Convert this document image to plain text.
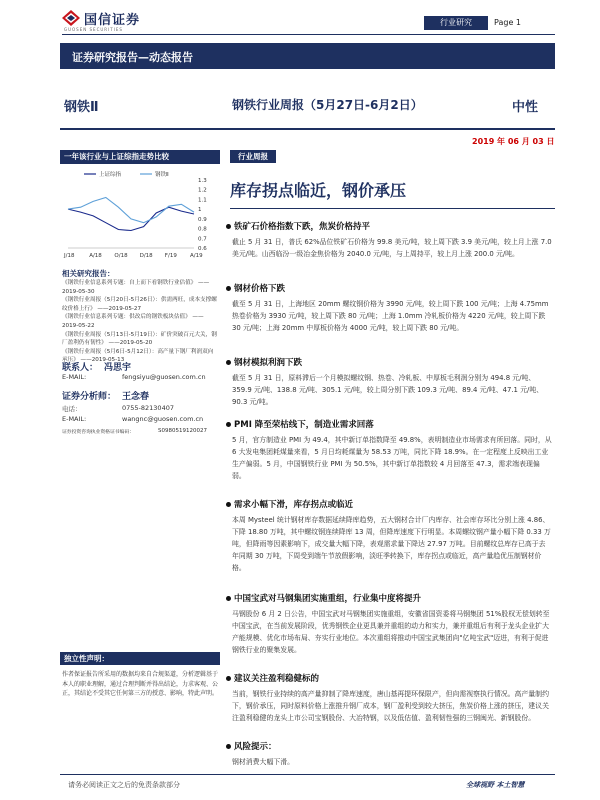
国信证券
GUOSEN SECURITIES
行业研究	Page 1
证券研究报告—动态报告
钢铁Ⅱ	钢铁行业周报（5月27日-6月2日）	中性
2019 年 06 月 03 日
一年该行业与上证综指走势比较
1.3
1.2
1.1
1
0.9
0.8
0.7
0.6
J/18	A/18 O/18 D/18 F/19 A/19
上证综指	钢铁Ⅱ
相关研究报告：

《钢铁行业信息系列专题：自上而下看钢铁行业估值》 ——2019-05-30

《钢铁行业周报（5月20日-5月26日）：供需两旺，成本支撑螺纹价格上行》 ——2019-05-27

《钢铁行业信息系列专题：供改后的钢铁板块估值》 ——2019-05-22

《钢铁行业周报（5月13日-5月19日）：矿价突破百元大关，钢厂盈利仍有韧性》 ——2019-05-20

《钢铁行业周报（5月6日-5月12日）：高产量下钢厂利润双向承压》 ——2019-05-13

联系人： 冯思宇
E-MAIL:	fengsiyu@guosen.com.cn
证券分析师： 王念春
电话：	0755-82130407
E-MAIL:	wangnc@guosen.com.cn
证券投资咨询执业资格证书编码：	S0980519120027
独立性声明：
作者保证报告所采用的数据均来自合规渠道，分析逻辑基于本人的职业理解，通过合理判断并得出结论，力求客观、公正，其结论不受其它任何第三方的授意、影响，特此声明。
行业周报
库存拐点临近，钢价承压
铁矿石价格指数下跌，焦炭价格持平
截止 5 月 31 日，普氏 62%品位铁矿石价格为 99.8 美元/吨，较上周下跌 3.9 美元/吨，较上月上涨 7.0 美元/吨。山西临汾一级冶金焦价格为 2040.0 元/吨，与上周持平，较上月上涨 200.0 元/吨。
钢材价格下跌
截至 5 月 31 日，上海地区 20mm 螺纹钢价格为 3990 元/吨，较上周下跌 100 元/吨；上海 4.75mm 热卷价格为 3930 元/吨，较上周下跌 80 元/吨；上海 1.0mm 冷轧板价格为 4220 元/吨，较上周下跌 30 元/吨；上海 20mm 中厚板价格为 4000 元/吨，较上周下跌 80 元/吨。
钢材模拟利润下跌
截至 5 月 31 日，原料滞后一个月模拟螺纹钢、热卷、冷轧板、中厚板毛利润分别为 494.8 元/吨、359.9 元/吨、138.8 元/吨、305.1 元/吨，较上周分别下跌 109.3 元/吨、89.4 元/吨、47.1 元/吨、90.3 元/吨。
PMI 降至荣枯线下，制造业需求回落
5 月，官方制造业 PMI 为 49.4，其中新订单指数降至 49.8%，表明制造业市场需求有所回落。同时，从 6 大发电集团耗煤量来看，5 月日均耗煤量为 58.53 万吨，同比下降 18.9%。在一定程度上反映出工业生产偏弱。5 月，中国钢铁行业 PMI 为 50.5%，其中新订单指数较 4 月回落至 47.3，需求端表现偏弱。
需求小幅下滑，库存拐点或临近
本周 Mysteel 统计钢材库存数据延续降库趋势，五大钢材合计厂内库存、社会库存环比分别上涨 4.86、下降 18.80 万吨，其中螺纹钢连续降库 13 周，但降库速度下行明显。本周螺纹钢产量小幅下降 0.33 万吨，但降雨等因素影响下，成交量大幅下降，表观需求量下降达 27.97 万吨。目前螺纹总库存已高于去年同期 30 万吨，下周受到端午节放假影响，淡旺季转换下，库存拐点或临近，高产量趋优压制钢材价格。
中国宝武对马钢集团实施重组，行业集中度将提升
马钢股份 6 月 2 日公告，中国宝武对马钢集团实施重组，安徽省国资委将马钢集团 51%股权无偿划转至中国宝武，在当前发展阶段，优秀钢铁企业更具兼并重组的动力和实力，兼并重组后有利于龙头企业扩大产能规模、优化市场布局、夯实行业地位。本次重组将推动中国宝武集团向"亿吨宝武"迈进，有利于促进钢铁行业的聚集发展。
建议关注盈利稳健标的
当前，钢铁行业持续的高产量抑制了降库速度，唐山基再提环保限产，但向需视察执行情况。高产量制约下，钢价承压，同时原料价格上涨推升钢厂成本，钢厂盈利受到较大挤压，焦炭价格上涨的挤压，建议关注盈利稳健的龙头上市公司宝钢股份、大冶特钢，以及低估值、盈利韧性强的三钢闽光、新钢股份。
风险提示：
钢材消费大幅下滑。
请务必阅读正文之后的免责条款部分	全球视野 本土智慧
